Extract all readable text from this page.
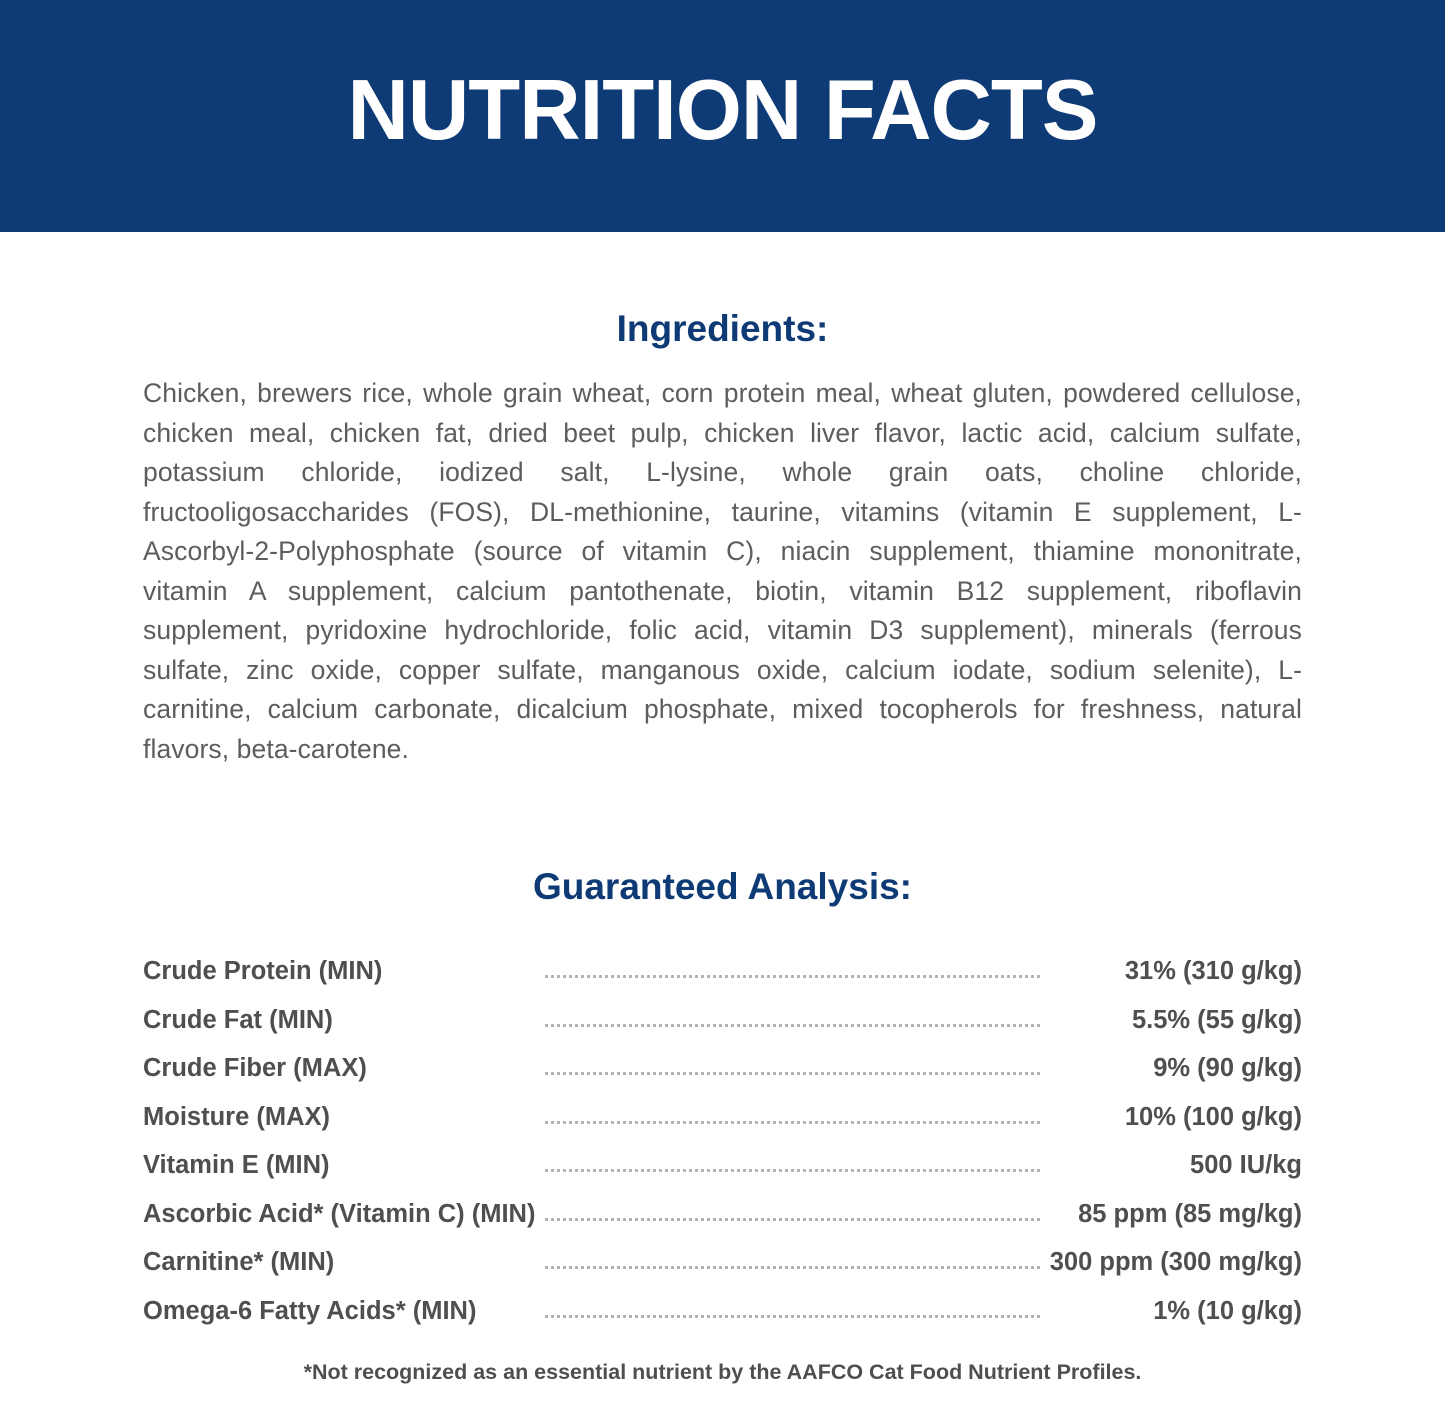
NUTRITION FACTS
Ingredients:

Chicken, brewers rice, whole grain wheat, corn protein meal, wheat gluten, powdered cellulose, chicken meal, chicken fat, dried beet pulp, chicken liver flavor, lactic acid, calcium sulfate, potassium chloride, iodized salt, L-lysine, whole grain oats, choline chloride, fructooligosaccharides (FOS), DL-methionine, taurine, vitamins (vitamin E supplement, L-Ascorbyl-2-Polyphosphate (source of vitamin C), niacin supplement, thiamine mononitrate, vitamin A supplement, calcium pantothenate, biotin, vitamin B12 supplement, riboflavin supplement, pyridoxine hydrochloride, folic acid, vitamin D3 supplement), minerals (ferrous sulfate, zinc oxide, copper sulfate, manganous oxide, calcium iodate, sodium selenite), L-carnitine, calcium carbonate, dicalcium phosphate, mixed tocopherols for freshness, natural flavors, beta-carotene.

Guaranteed Analysis:
Crude Protein (MIN)		31% (310 g/kg)
Crude Fat (MIN)		5.5% (55 g/kg)
Crude Fiber (MAX)		9% (90 g/kg)
Moisture (MAX)		10% (100 g/kg)
Vitamin E (MIN)		500 IU/kg
Ascorbic Acid* (Vitamin C) (MIN)		85 ppm (85 mg/kg)
Carnitine* (MIN)		300 ppm (300 mg/kg)
Omega-6 Fatty Acids* (MIN)		1% (10 g/kg)
*Not recognized as an essential nutrient by the AAFCO Cat Food Nutrient Profiles.
